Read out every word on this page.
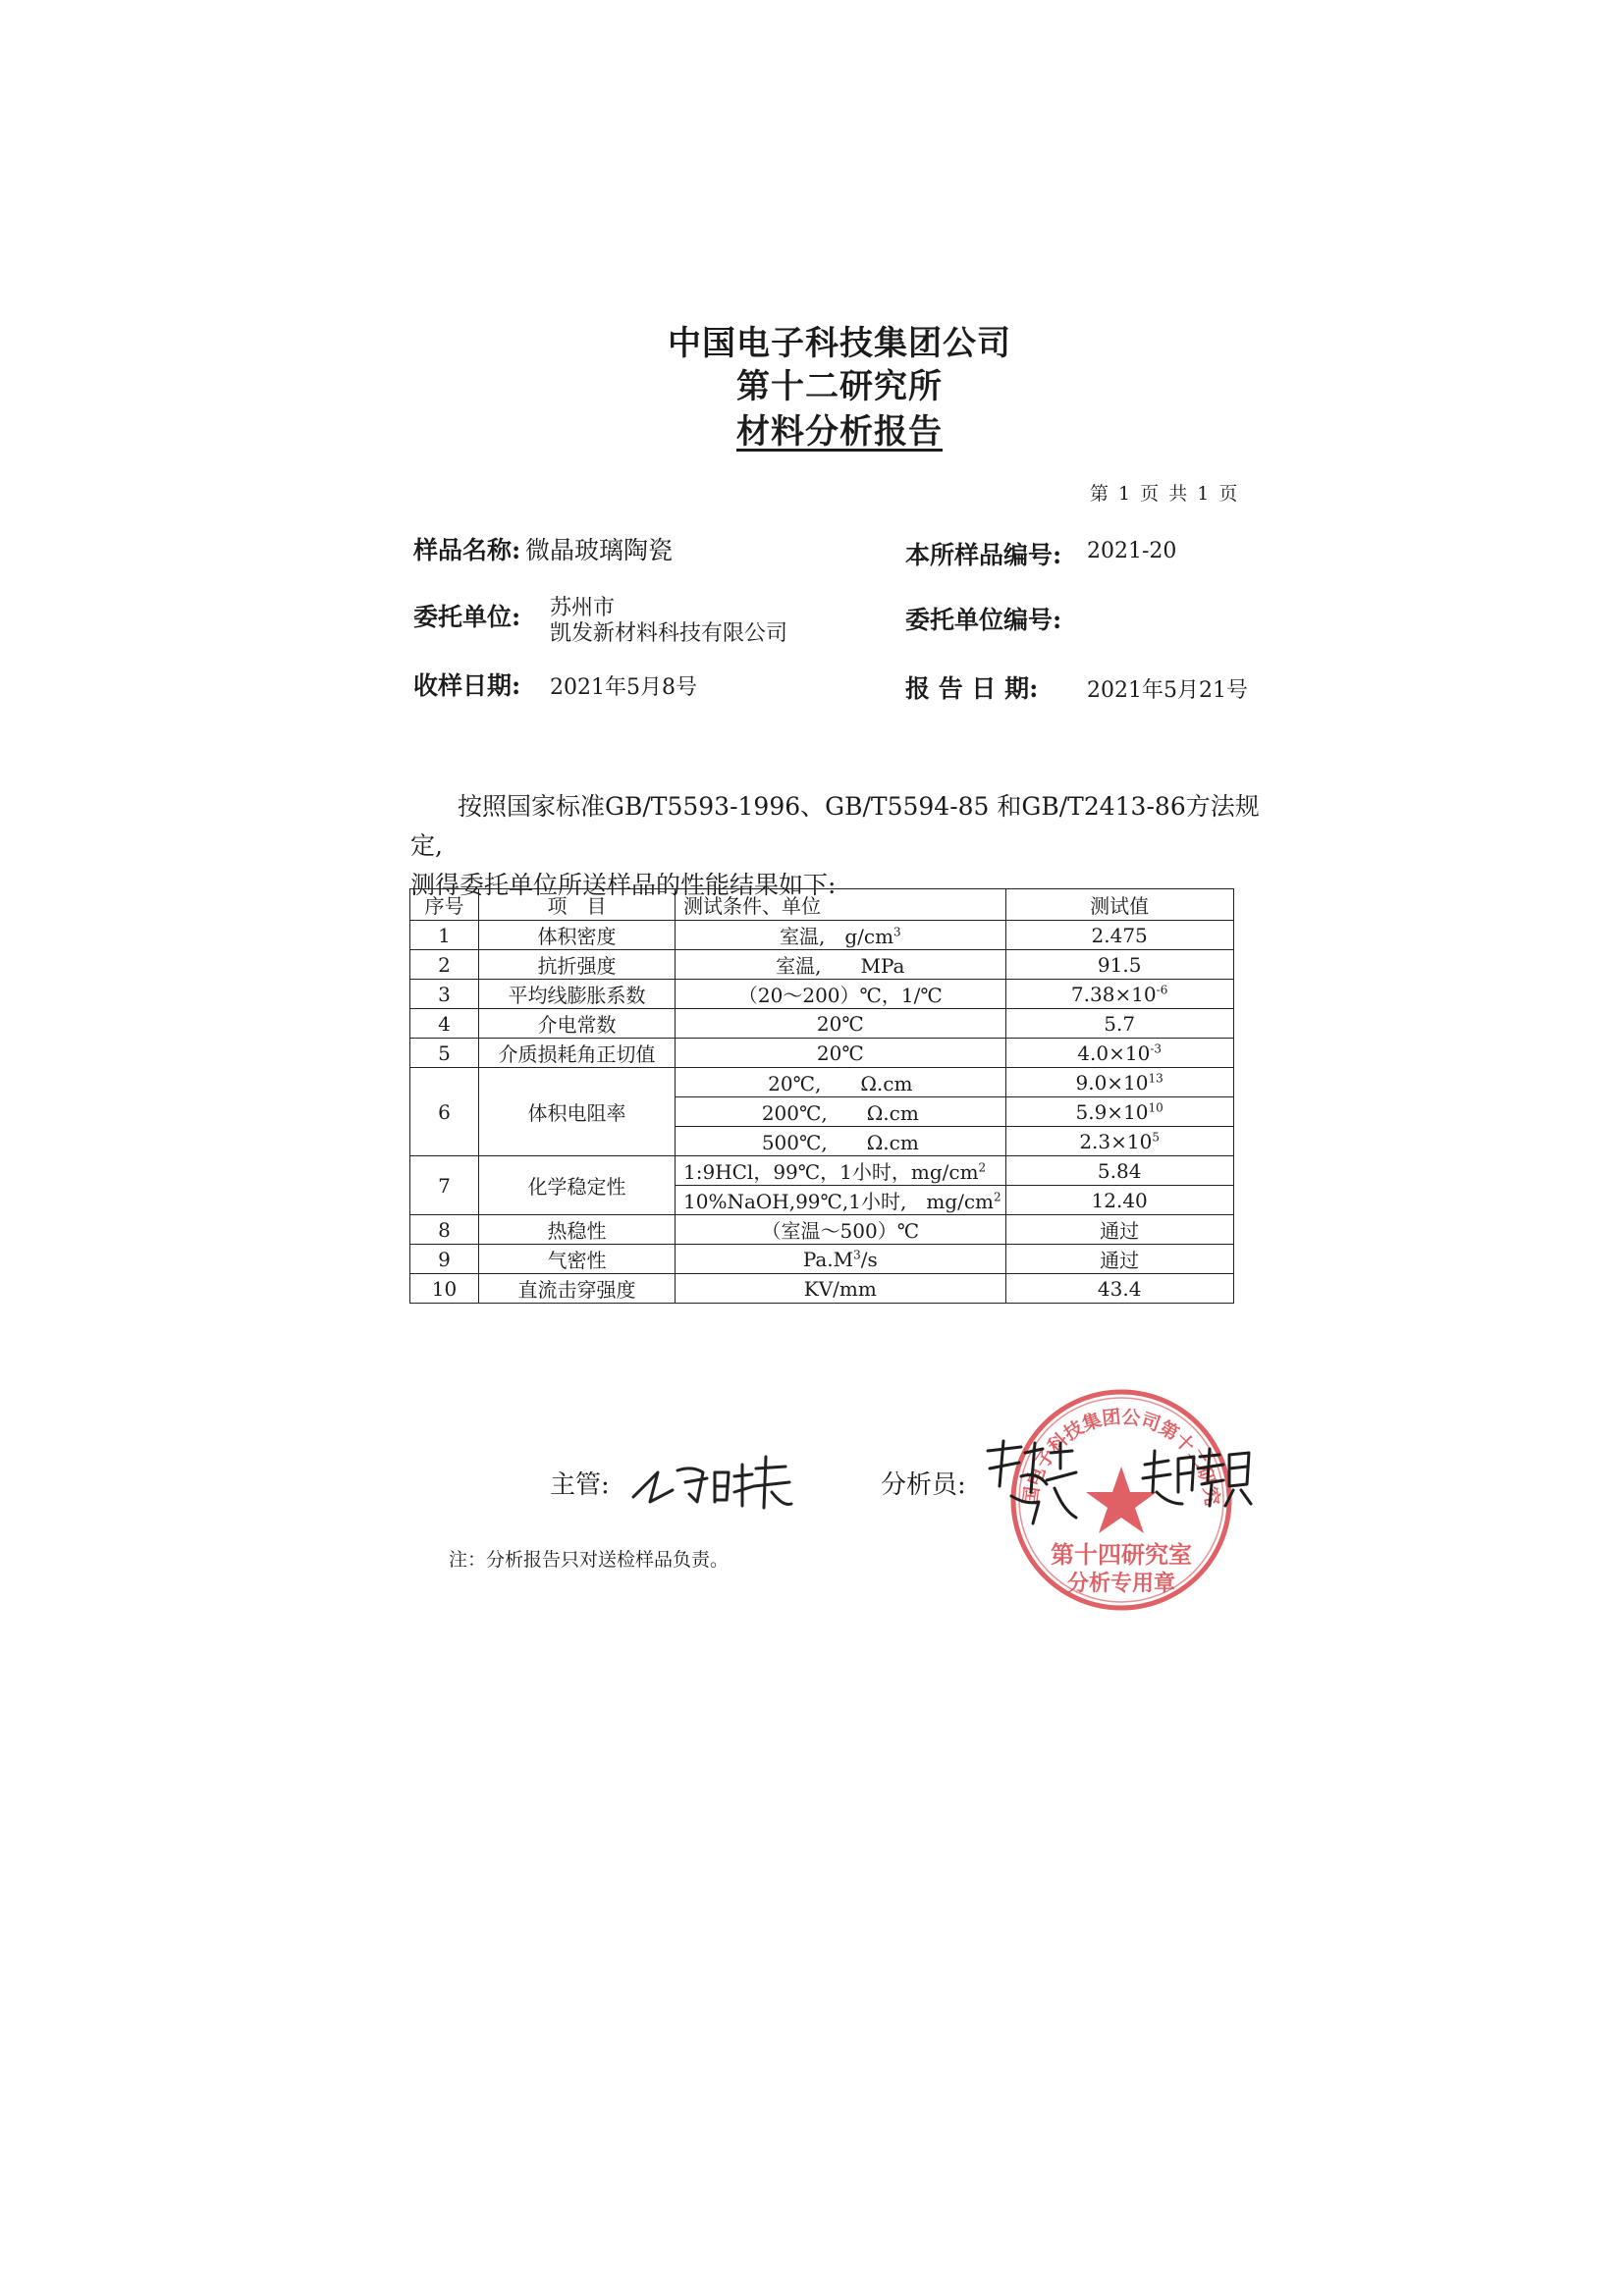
中国电子科技集团公司
第十二研究所
材料分析报告
第 1 页 共 1 页
样品名称: 微晶玻璃陶瓷	本所样品编号: 2021-20
委托单位: 苏州市
凯发新材料科技有限公司	委托单位编号:
收样日期: 2021年5月8号	报 告 日 期: 2021年5月21号

按照国家标准GB/T5593-1996、GB/T5594-85 和GB/T2413-86方法规定,

测得委托单位所送样品的性能结果如下:

序号	项　目	测试条件、单位	测试值
1	体积密度	室温,　$g/cm^3$	2.475
2	抗折强度	室温,　　MPa	91.5
3	平均线膨胀系数	（20～200）℃，1/℃	$7.38\times 10^{-6}$
4	介电常数	20℃	5.7
5	介质损耗角正切值	20℃	$4.0\times 10^{-3}$
6	体积电阻率	20℃,　　Ω.cm	$9.0\times 10^{13}$
		200℃,　　Ω.cm	$5.9\times 10^{10}$
		500℃,　　Ω.cm	$2.3\times 10^5$
7	化学稳定性	1:9HCl，99℃，1小时，$mg/cm^2$	5.84
		10%NaOH,99℃,1小时,　$mg/cm^2$	12.40
8	热稳性	（室温～500）℃	通过
9	气密性	$Pa.M^3/s$	通过
10	直流击穿强度	KV/mm	43.4
主管:	分析员:
注：分析报告只对送检样品负责。
中国电子科技集团公司第十二研究所
第十四研究室
分析专用章
